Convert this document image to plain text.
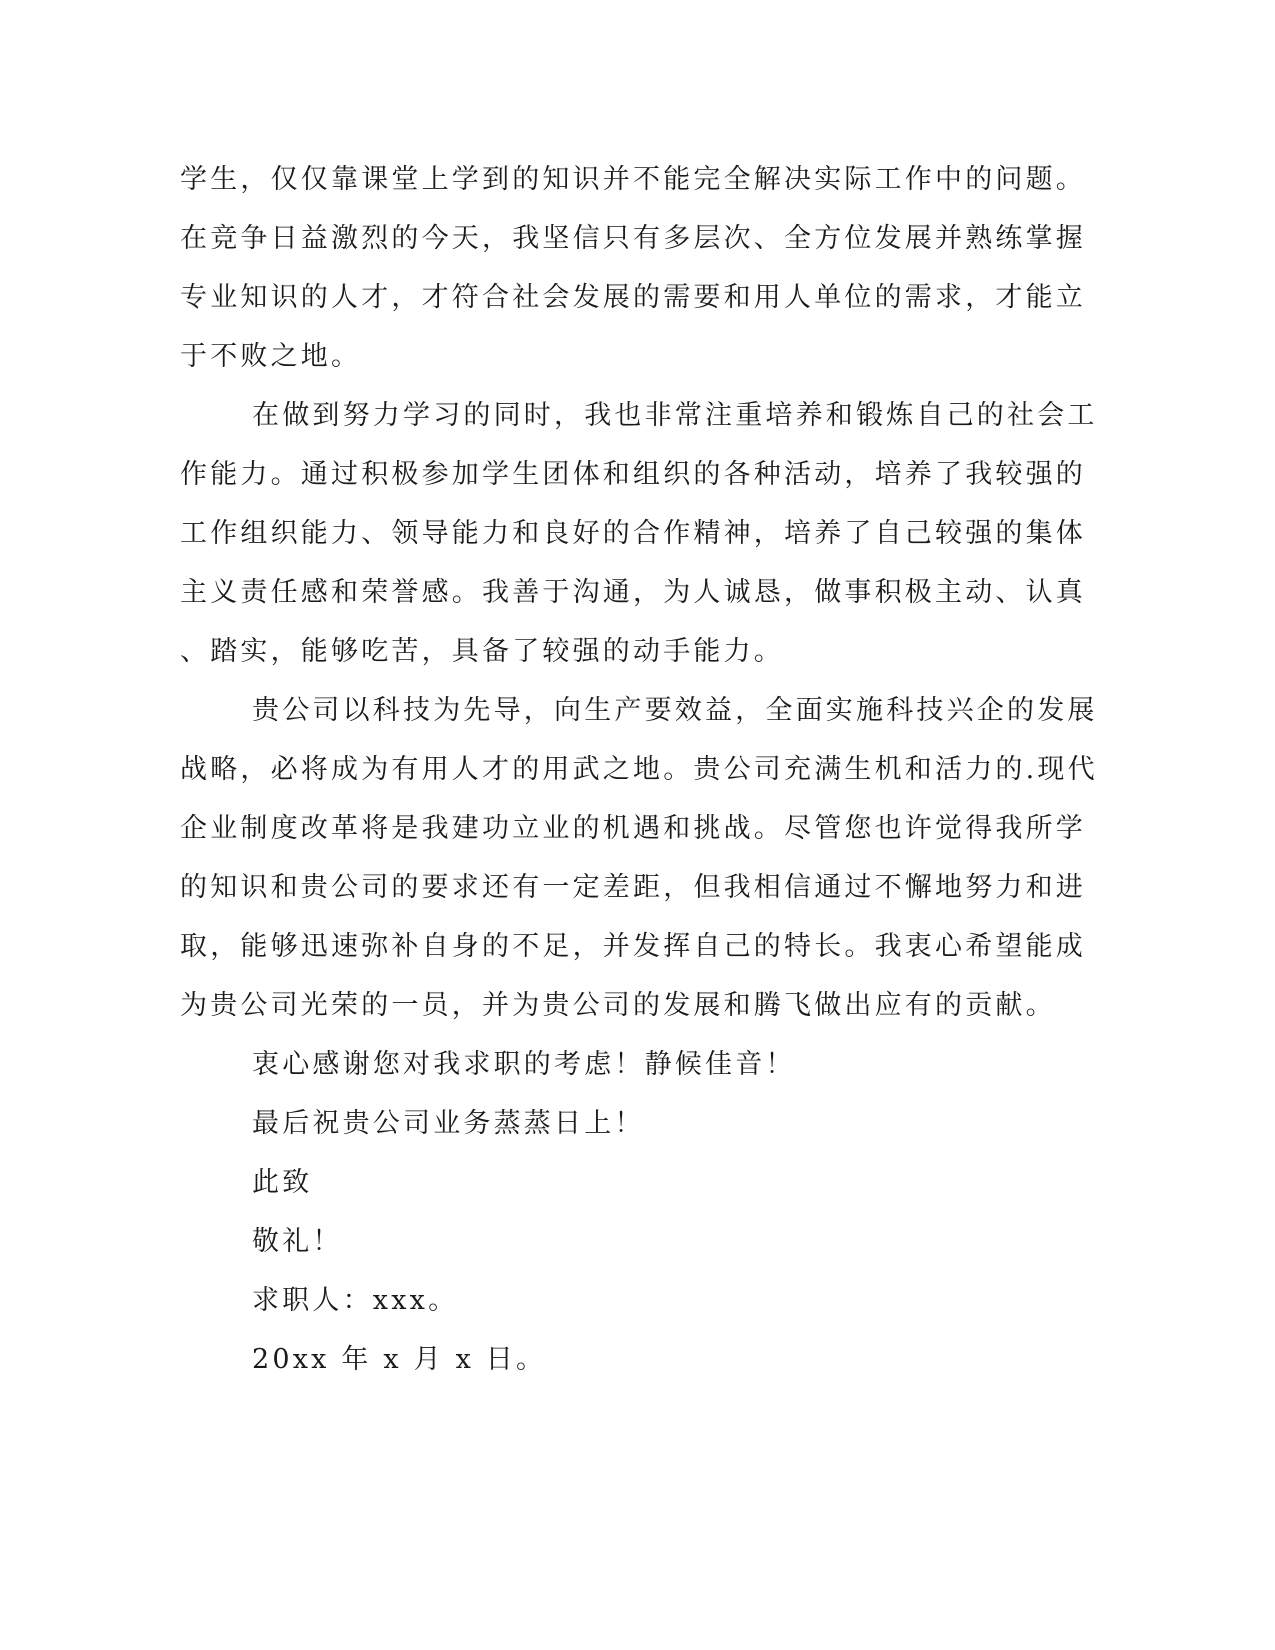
学生，仅仅靠课堂上学到的知识并不能完全解决实际工作中的问题。
在竞争日益激烈的今天，我坚信只有多层次、全方位发展并熟练掌握
专业知识的人才，才符合社会发展的需要和用人单位的需求，才能立
于不败之地。
在做到努力学习的同时，我也非常注重培养和锻炼自己的社会工
作能力。通过积极参加学生团体和组织的各种活动，培养了我较强的
工作组织能力、领导能力和良好的合作精神，培养了自己较强的集体
主义责任感和荣誉感。我善于沟通，为人诚恳，做事积极主动、认真
、踏实，能够吃苦，具备了较强的动手能力。
贵公司以科技为先导，向生产要效益，全面实施科技兴企的发展
战略，必将成为有用人才的用武之地。贵公司充满生机和活力的.现代
企业制度改革将是我建功立业的机遇和挑战。尽管您也许觉得我所学
的知识和贵公司的要求还有一定差距，但我相信通过不懈地努力和进
取，能够迅速弥补自身的不足，并发挥自己的特长。我衷心希望能成
为贵公司光荣的一员，并为贵公司的发展和腾飞做出应有的贡献。
衷心感谢您对我求职的考虑！静候佳音！
最后祝贵公司业务蒸蒸日上！
此致
敬礼！
求职人：xxx。
20xx 年 x 月 x 日。
